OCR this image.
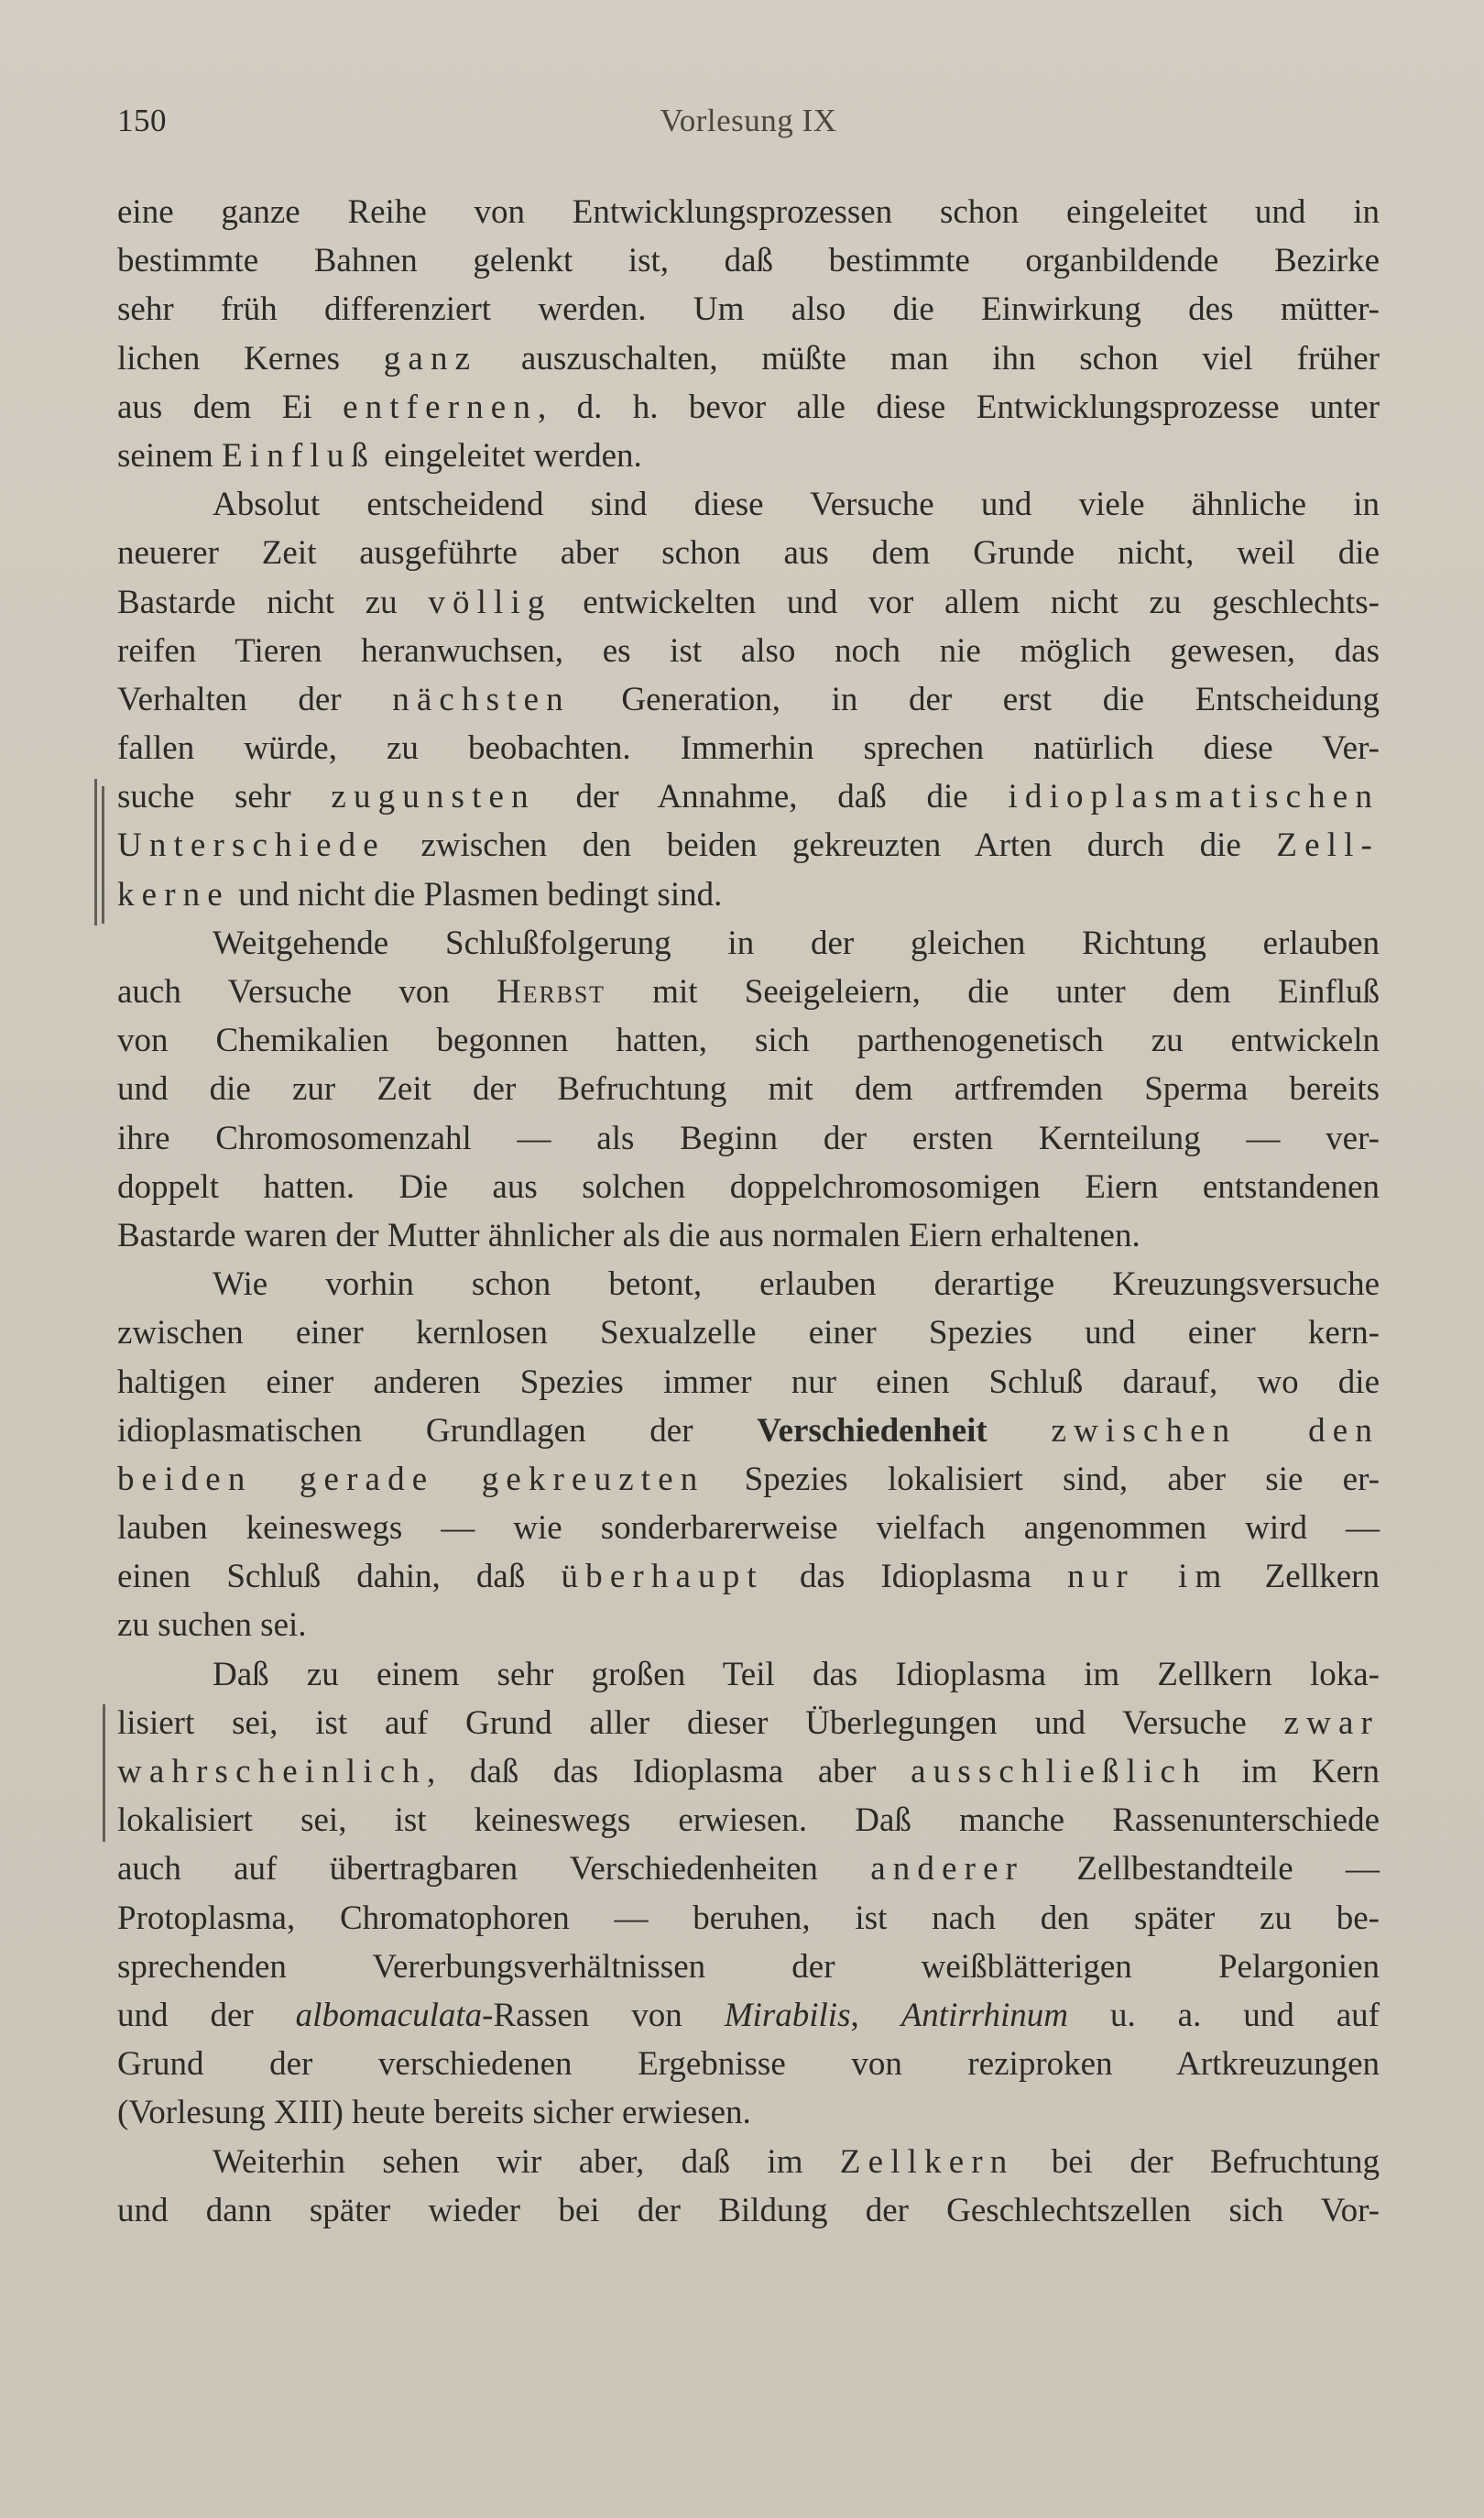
150	Vorlesung IX
eine ganze Reihe von Entwicklungsprozessen schon eingeleitet und in
bestimmte Bahnen gelenkt ist, daß bestimmte organbildende Bezirke
sehr früh differenziert werden. Um also die Einwirkung des mütter-
lichen Kernes ganz auszuschalten, müßte man ihn schon viel früher
aus dem Ei entfernen, d. h. bevor alle diese Entwicklungsprozesse unter
seinem Einfluß eingeleitet werden.
Absolut entscheidend sind diese Versuche und viele ähnliche in
neuerer Zeit ausgeführte aber schon aus dem Grunde nicht, weil die
Bastarde nicht zu völlig entwickelten und vor allem nicht zu geschlechts-
reifen Tieren heranwuchsen, es ist also noch nie möglich gewesen, das
Verhalten der nächsten Generation, in der erst die Entscheidung
fallen würde, zu beobachten. Immerhin sprechen natürlich diese Ver-
suche sehr zugunsten der Annahme, daß die idioplasmatischen
Unterschiede zwischen den beiden gekreuzten Arten durch die Zell-
kerne und nicht die Plasmen bedingt sind.
Weitgehende Schlußfolgerung in der gleichen Richtung erlauben
auch Versuche von Herbst mit Seeigeleiern, die unter dem Einfluß
von Chemikalien begonnen hatten, sich parthenogenetisch zu entwickeln
und die zur Zeit der Befruchtung mit dem artfremden Sperma bereits
ihre Chromosomenzahl — als Beginn der ersten Kernteilung — ver-
doppelt hatten. Die aus solchen doppelchromosomigen Eiern entstandenen
Bastarde waren der Mutter ähnlicher als die aus normalen Eiern erhaltenen.
Wie vorhin schon betont, erlauben derartige Kreuzungsversuche
zwischen einer kernlosen Sexualzelle einer Spezies und einer kern-
haltigen einer anderen Spezies immer nur einen Schluß darauf, wo die
idioplasmatischen Grundlagen der Verschiedenheit zwischen den
beiden gerade gekreuzten Spezies lokalisiert sind, aber sie er-
lauben keineswegs — wie sonderbarerweise vielfach angenommen wird —
einen Schluß dahin, daß überhaupt das Idioplasma nur im Zellkern
zu suchen sei.
Daß zu einem sehr großen Teil das Idioplasma im Zellkern loka-
lisiert sei, ist auf Grund aller dieser Überlegungen und Versuche zwar
wahrscheinlich, daß das Idioplasma aber ausschließlich im Kern
lokalisiert sei, ist keineswegs erwiesen. Daß manche Rassenunterschiede
auch auf übertragbaren Verschiedenheiten anderer Zellbestandteile —
Protoplasma, Chromatophoren — beruhen, ist nach den später zu be-
sprechenden Vererbungsverhältnissen der weißblätterigen Pelargonien
und der albomaculata-Rassen von Mirabilis, Antirrhinum u. a. und auf
Grund der verschiedenen Ergebnisse von reziproken Artkreuzungen
(Vorlesung XIII) heute bereits sicher erwiesen.
Weiterhin sehen wir aber, daß im Zellkern bei der Befruchtung
und dann später wieder bei der Bildung der Geschlechtszellen sich Vor-
